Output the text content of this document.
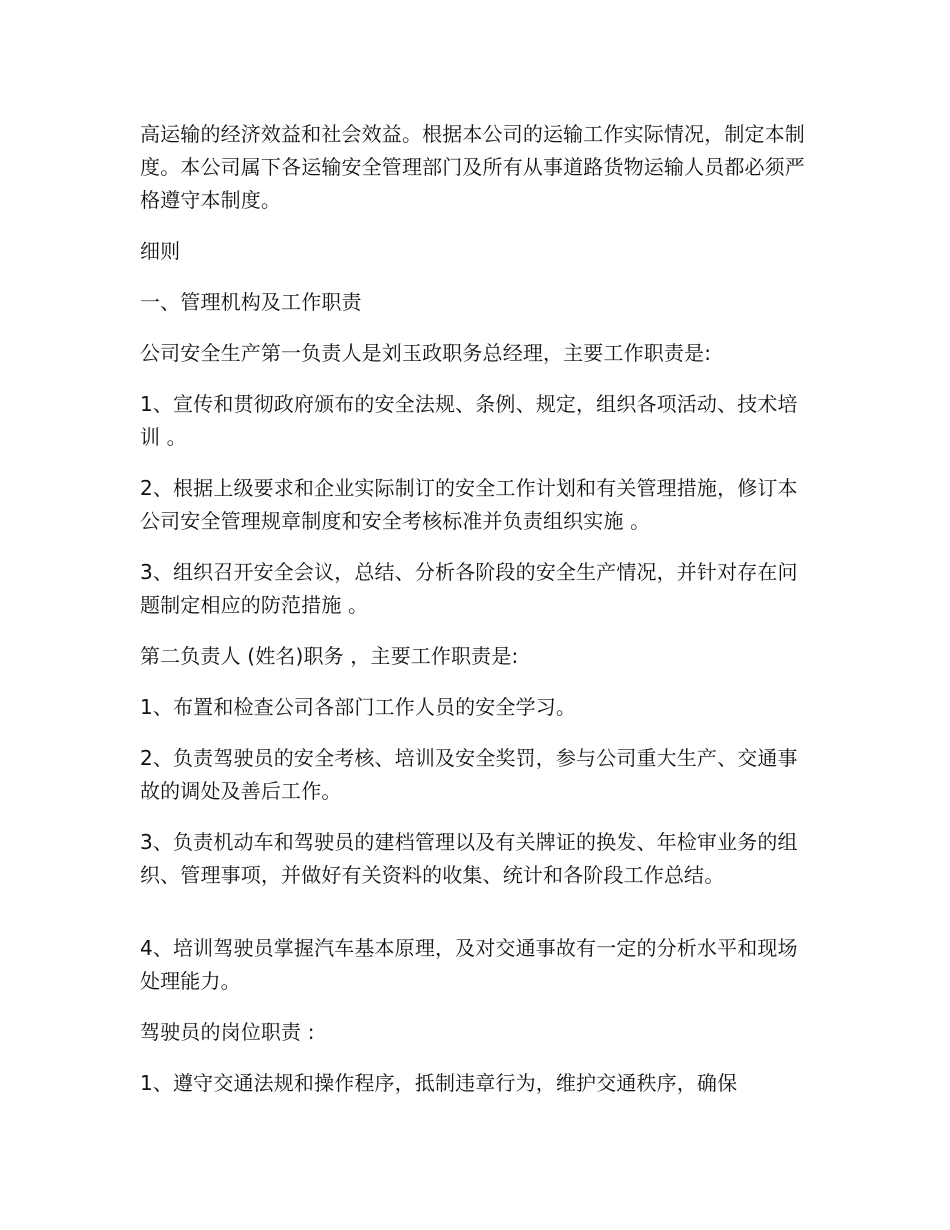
高运输的经济效益和社会效益。根据本公司的运输工作实际情况，制定本制度。本公司属下各运输安全管理部门及所有从事道路货物运输人员都必须严格遵守本制度。

细则

一、管理机构及工作职责

公司安全生产第一负责人是刘玉政职务总经理，主要工作职责是:

1、宣传和贯彻政府颁布的安全法规、条例、规定，组织各项活动、技术培训 。

2、根据上级要求和企业实际制订的安全工作计划和有关管理措施，修订本公司安全管理规章制度和安全考核标准并负责组织实施 。

3、组织召开安全会议，总结、分析各阶段的安全生产情况，并针对存在问题制定相应的防范措施 。

第二负责人 (姓名)职务 ，主要工作职责是:

1、布置和检查公司各部门工作人员的安全学习。

2、负责驾驶员的安全考核、培训及安全奖罚，参与公司重大生产、交通事故的调处及善后工作。

3、负责机动车和驾驶员的建档管理以及有关牌证的换发、年检审业务的组织、管理事项，并做好有关资料的收集、统计和各阶段工作总结。

4、培训驾驶员掌握汽车基本原理，及对交通事故有一定的分析水平和现场处理能力。

驾驶员的岗位职责 :

1、遵守交通法规和操作程序，抵制违章行为，维护交通秩序，确保
